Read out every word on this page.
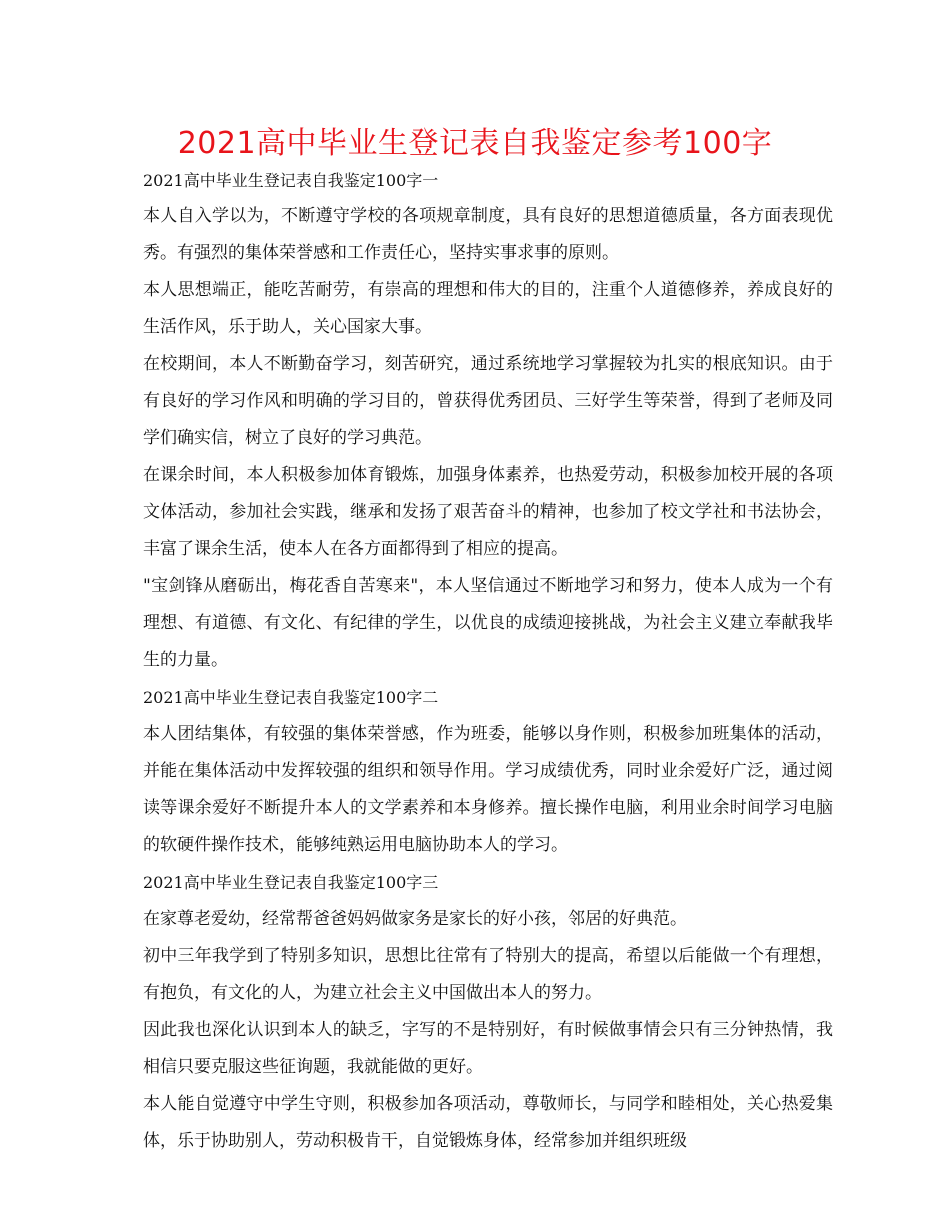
2021高中毕业生登记表自我鉴定参考100字

2021高中毕业生登记表自我鉴定100字一

本人自入学以为，不断遵守学校的各项规章制度，具有良好的思想道德质量，各方面表现优秀。有强烈的集体荣誉感和工作责任心，坚持实事求事的原则。

本人思想端正，能吃苦耐劳，有崇高的理想和伟大的目的，注重个人道德修养，养成良好的生活作风，乐于助人，关心国家大事。

在校期间，本人不断勤奋学习，刻苦研究，通过系统地学习掌握较为扎实的根底知识。由于有良好的学习作风和明确的学习目的，曾获得优秀团员、三好学生等荣誉，得到了老师及同学们确实信，树立了良好的学习典范。

在课余时间，本人积极参加体育锻炼，加强身体素养，也热爱劳动，积极参加校开展的各项文体活动，参加社会实践，继承和发扬了艰苦奋斗的精神，也参加了校文学社和书法协会，丰富了课余生活，使本人在各方面都得到了相应的提高。

"宝剑锋从磨砺出，梅花香自苦寒来"，本人坚信通过不断地学习和努力，使本人成为一个有理想、有道德、有文化、有纪律的学生，以优良的成绩迎接挑战，为社会主义建立奉献我毕生的力量。

2021高中毕业生登记表自我鉴定100字二

本人团结集体，有较强的集体荣誉感，作为班委，能够以身作则，积极参加班集体的活动，并能在集体活动中发挥较强的组织和领导作用。学习成绩优秀，同时业余爱好广泛，通过阅读等课余爱好不断提升本人的文学素养和本身修养。擅长操作电脑，利用业余时间学习电脑的软硬件操作技术，能够纯熟运用电脑协助本人的学习。

2021高中毕业生登记表自我鉴定100字三

在家尊老爱幼，经常帮爸爸妈妈做家务是家长的好小孩，邻居的好典范。

初中三年我学到了特别多知识，思想比往常有了特别大的提高，希望以后能做一个有理想，有抱负，有文化的人，为建立社会主义中国做出本人的努力。

因此我也深化认识到本人的缺乏，字写的不是特别好，有时候做事情会只有三分钟热情，我相信只要克服这些征询题，我就能做的更好。

本人能自觉遵守中学生守则，积极参加各项活动，尊敬师长，与同学和睦相处，关心热爱集体，乐于协助别人，劳动积极肯干，自觉锻炼身体，经常参加并组织班级
